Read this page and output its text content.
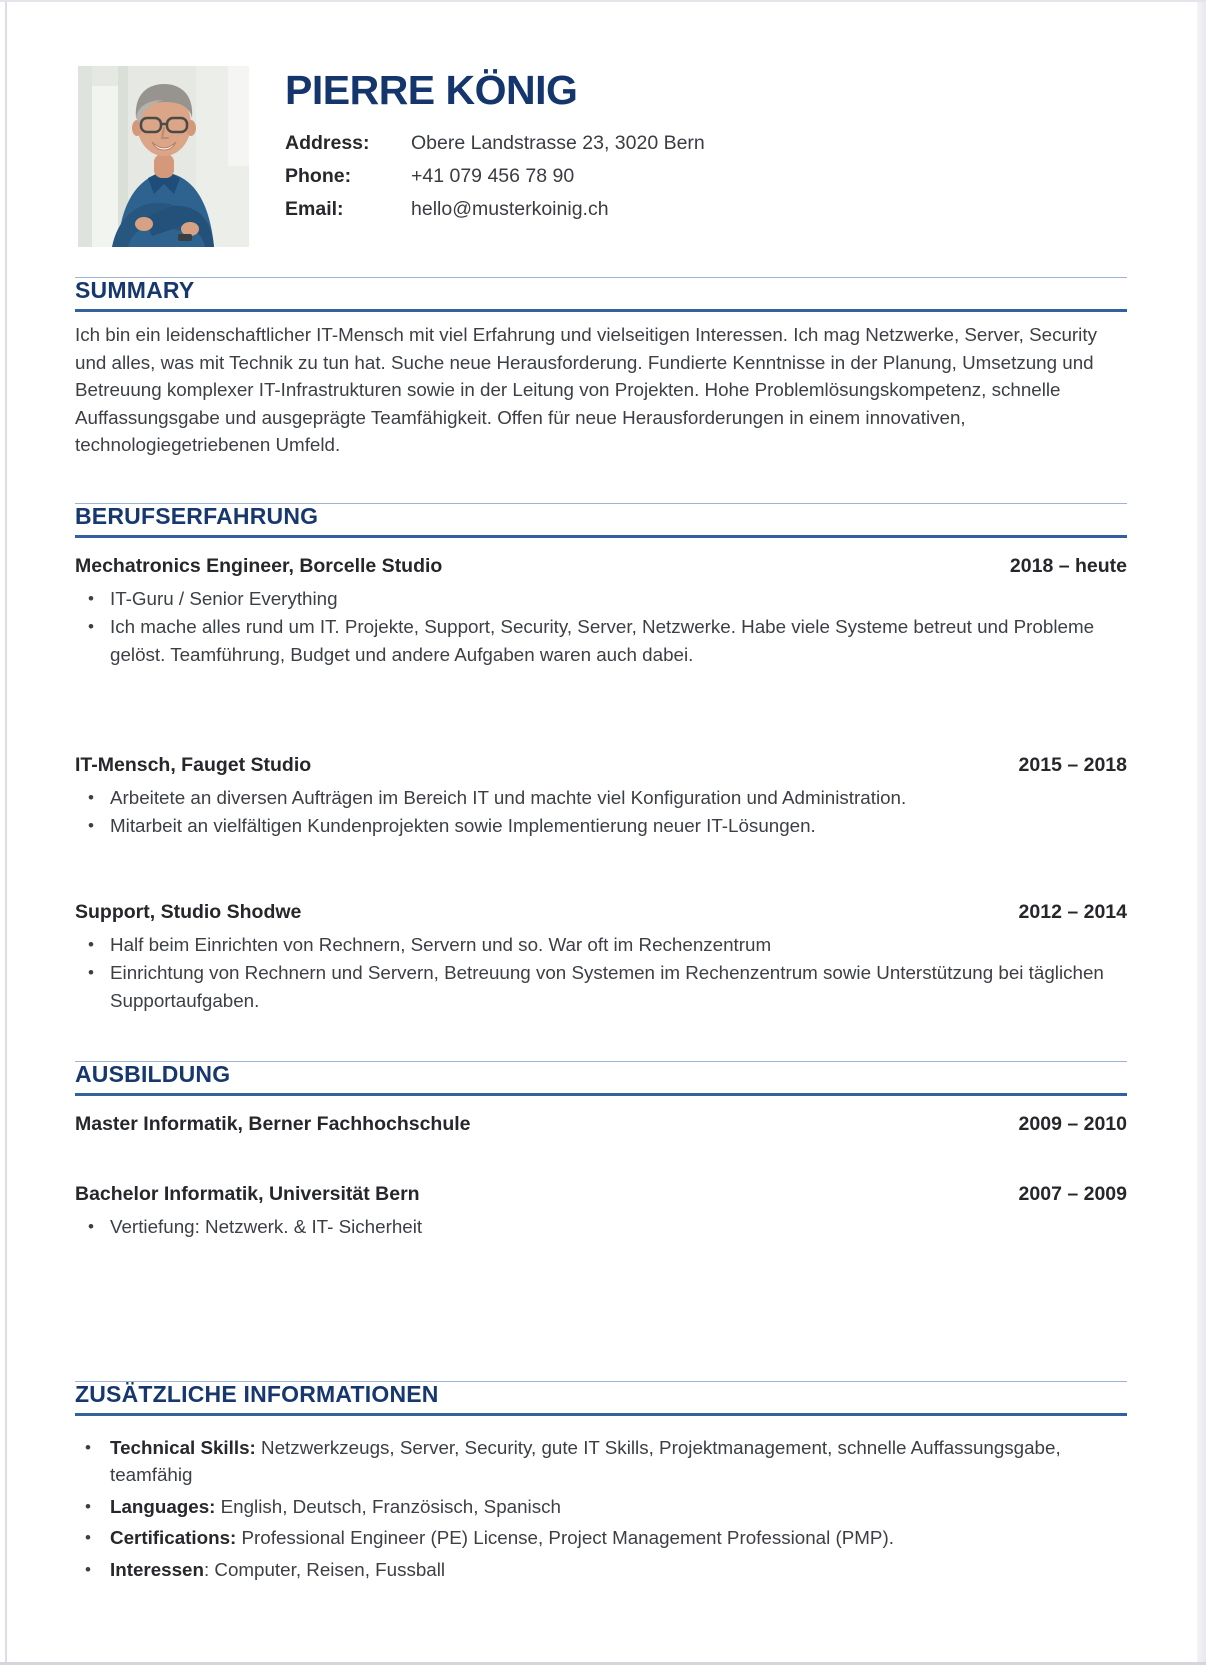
PIERRE KÖNIG
Address:	Obere Landstrasse 23, 3020 Bern
Phone:	+41 079 456 78 90
Email:	hello@musterkoinig.ch
SUMMARY

Ich bin ein leidenschaftlicher IT-Mensch mit viel Erfahrung und vielseitigen Interessen. Ich mag Netzwerke, Server, Security und alles, was mit Technik zu tun hat. Suche neue Herausforderung. Fundierte Kenntnisse in der Planung, Umsetzung und Betreuung komplexer IT-Infrastrukturen sowie in der Leitung von Projekten. Hohe Problemlösungskompetenz, schnelle Auffassungsgabe und ausgeprägte Teamfähigkeit. Offen für neue Herausforderungen in einem innovativen, technologiegetriebenen Umfeld.

BERUFSERFAHRUNG
Mechatronics Engineer, Borcelle Studio	2018 – heute
• IT-Guru / Senior Everything
• Ich mache alles rund um IT. Projekte, Support, Security, Server, Netzwerke. Habe viele Systeme betreut und Probleme gelöst. Teamführung, Budget und andere Aufgaben waren auch dabei.
IT-Mensch, Fauget Studio	2015 – 2018
• Arbeitete an diversen Aufträgen im Bereich IT und machte viel Konfiguration und Administration.
• Mitarbeit an vielfältigen Kundenprojekten sowie Implementierung neuer IT-Lösungen.
Support, Studio Shodwe	2012 – 2014
• Half beim Einrichten von Rechnern, Servern und so. War oft im Rechenzentrum
• Einrichtung von Rechnern und Servern, Betreuung von Systemen im Rechenzentrum sowie Unterstützung bei täglichen Supportaufgaben.
AUSBILDUNG
Master Informatik, Berner Fachhochschule	2009 – 2010
Bachelor Informatik, Universität Bern	2007 – 2009
• Vertiefung: Netzwerk. & IT- Sicherheit
ZUSÄTZLICHE INFORMATIONEN
• Technical Skills: Netzwerkzeugs, Server, Security, gute IT Skills, Projektmanagement, schnelle Auffassungsgabe, teamfähig
• Languages: English, Deutsch, Französisch, Spanisch
• Certifications: Professional Engineer (PE) License, Project Management Professional (PMP).
• Interessen: Computer, Reisen, Fussball
